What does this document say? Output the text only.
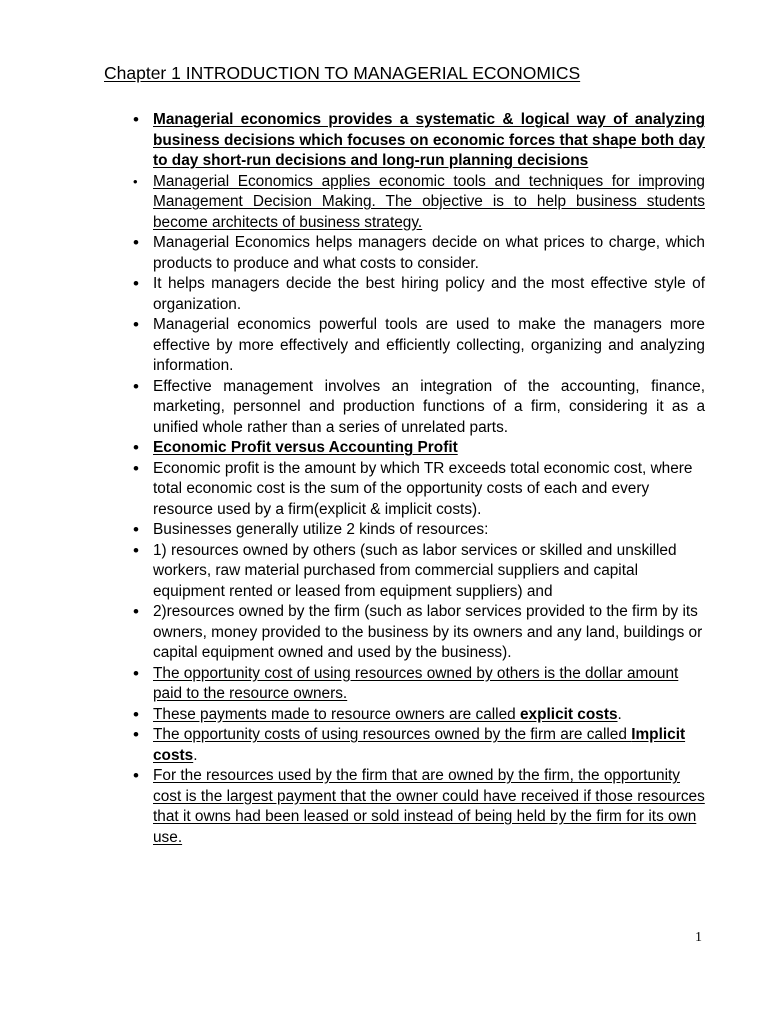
Chapter 1 INTRODUCTION TO MANAGERIAL ECONOMICS
• Managerial economics provides a systematic & logical way of analyzing business decisions which focuses on economic forces that shape both day to day short-run decisions and long-run planning decisions
• Managerial Economics applies economic tools and techniques for improving Management Decision Making. The objective is to help business students become architects of business strategy.
• Managerial Economics helps managers decide on what prices to charge, which products to produce and what costs to consider.
• It helps managers decide the best hiring policy and the most effective style of organization.
• Managerial economics powerful tools are used to make the managers more effective by more effectively and efficiently collecting, organizing and analyzing information.
• Effective management involves an integration of the accounting, finance, marketing, personnel and production functions of a firm, considering it as a unified whole rather than a series of unrelated parts.
• Economic Profit versus Accounting Profit
• Economic profit is the amount by which TR exceeds total economic cost, where total economic cost is the sum of the opportunity costs of each and every resource used by a firm(explicit & implicit costs).
• Businesses generally utilize 2 kinds of resources:
• 1) resources owned by others (such as labor services or skilled and unskilled workers, raw material purchased from commercial suppliers and capital equipment rented or leased from equipment suppliers) and
• 2)resources owned by the firm (such as labor services provided to the firm by its owners, money provided to the business by its owners and any land, buildings or capital equipment owned and used by the business).
• The opportunity cost of using resources owned by others is the dollar amount paid to the resource owners.
• These payments made to resource owners are called explicit costs.
• The opportunity costs of using resources owned by the firm are called Implicit costs.
• For the resources used by the firm that are owned by the firm, the opportunity cost is the largest payment that the owner could have received if those resources that it owns had been leased or sold instead of being held by the firm for its own use.
1
